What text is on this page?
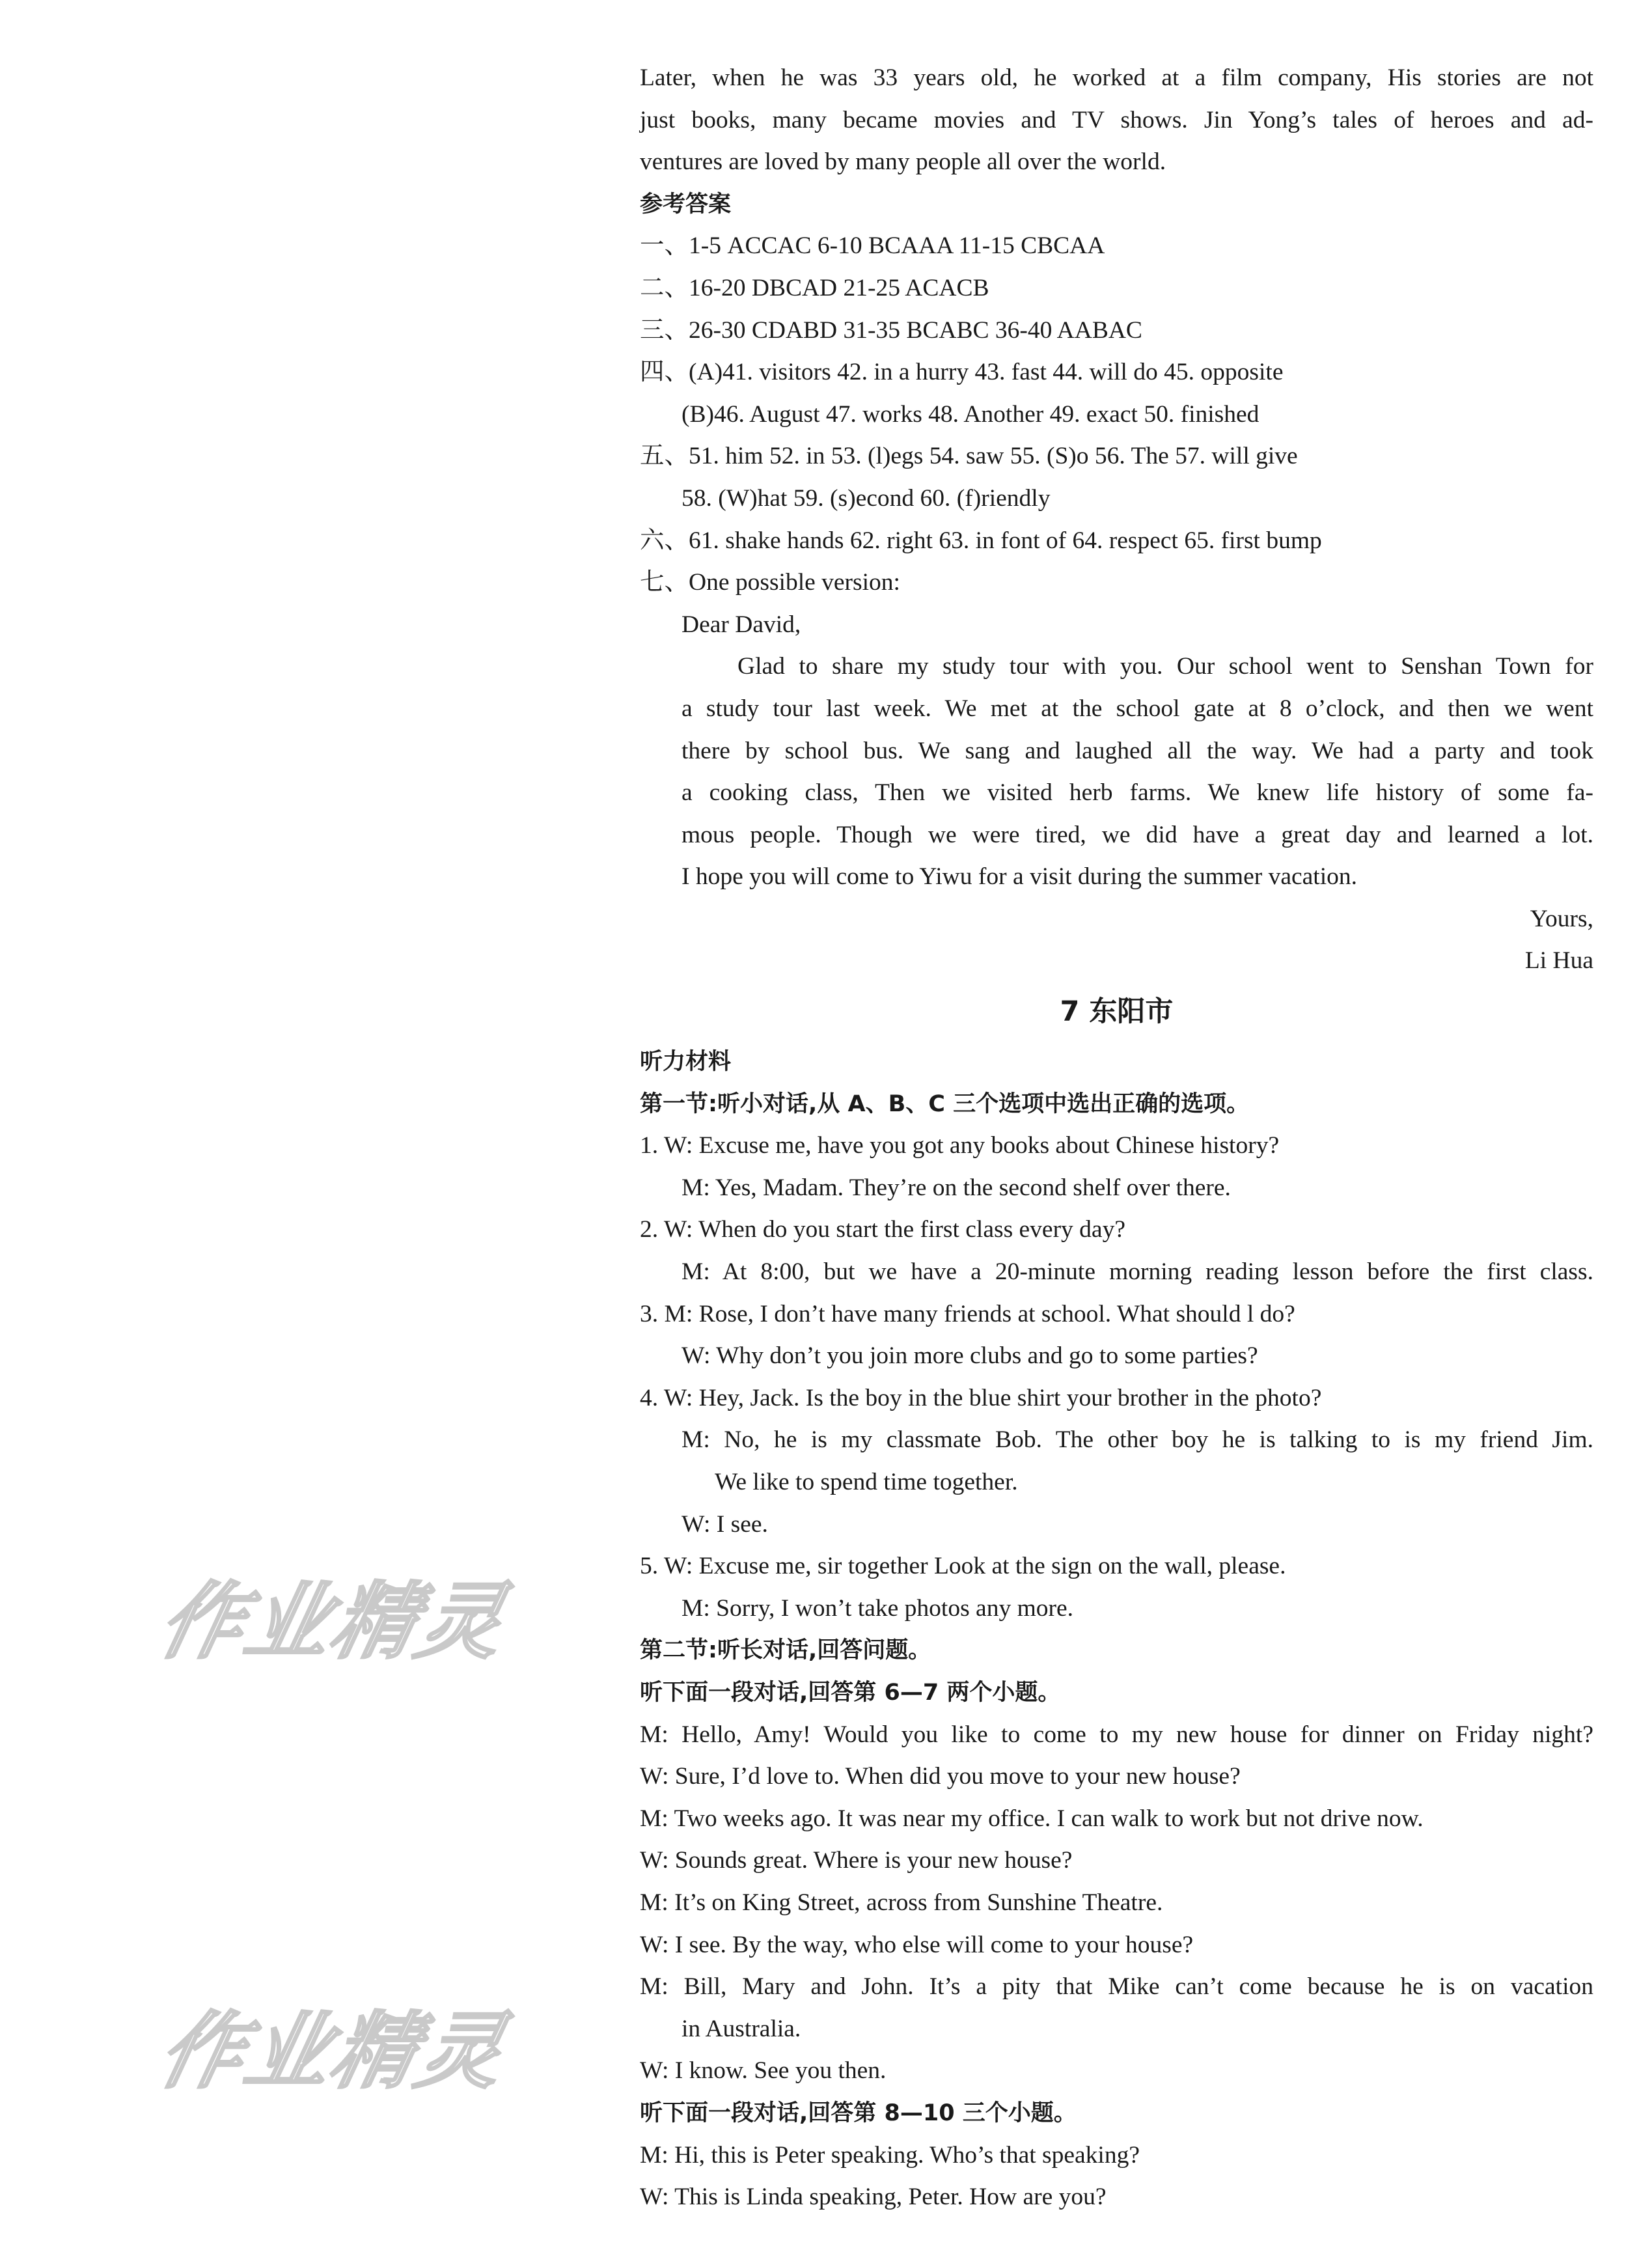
作业精灵
作业精灵
Later, when he was 33 years old, he worked at a film company, His stories are not
just books, many became movies and TV shows. Jin Yong’s tales of heroes and ad-
ventures are loved by many people all over the world.
参考答案
一、1-5 ACCAC 6-10 BCAAA 11-15 CBCAA
二、16-20 DBCAD 21-25 ACACB
三、26-30 CDABD 31-35 BCABC 36-40 AABAC
四、(A)41. visitors 42. in a hurry 43. fast 44. will do 45. opposite
(B)46. August 47. works 48. Another 49. exact 50. finished
五、51. him 52. in 53. (l)egs 54. saw 55. (S)o 56. The 57. will give
58. (W)hat 59. (s)econd 60. (f)riendly
六、61. shake hands 62. right 63. in font of 64. respect 65. first bump
七、One possible version:
Dear David,
Glad to share my study tour with you. Our school went to Senshan Town for
a study tour last week. We met at the school gate at 8 o’clock, and then we went
there by school bus. We sang and laughed all the way. We had a party and took
a cooking class, Then we visited herb farms. We knew life history of some fa-
mous people. Though we were tired, we did have a great day and learned a lot.
I hope you will come to Yiwu for a visit during the summer vacation.
Yours,
Li Hua
7 东阳市
听力材料
第一节:听小对话,从 A、B、C 三个选项中选出正确的选项。
1. W: Excuse me, have you got any books about Chinese history?
M: Yes, Madam. They’re on the second shelf over there.
2. W: When do you start the first class every day?
M: At 8:00, but we have a 20-minute morning reading lesson before the first class.
3. M: Rose, I don’t have many friends at school. What should l do?
W: Why don’t you join more clubs and go to some parties?
4. W: Hey, Jack. Is the boy in the blue shirt your brother in the photo?
M: No, he is my classmate Bob. The other boy he is talking to is my friend Jim.
We like to spend time together.
W: I see.
5. W: Excuse me, sir together Look at the sign on the wall, please.
M: Sorry, I won’t take photos any more.
第二节:听长对话,回答问题。
听下面一段对话,回答第 6—7 两个小题。
M: Hello, Amy! Would you like to come to my new house for dinner on Friday night?
W: Sure, I’d love to. When did you move to your new house?
M: Two weeks ago. It was near my office. I can walk to work but not drive now.
W: Sounds great. Where is your new house?
M: It’s on King Street, across from Sunshine Theatre.
W: I see. By the way, who else will come to your house?
M: Bill, Mary and John. It’s a pity that Mike can’t come because he is on vacation
in Australia.
W: I know. See you then.
听下面一段对话,回答第 8—10 三个小题。
M: Hi, this is Peter speaking. Who’s that speaking?
W: This is Linda speaking, Peter. How are you?
